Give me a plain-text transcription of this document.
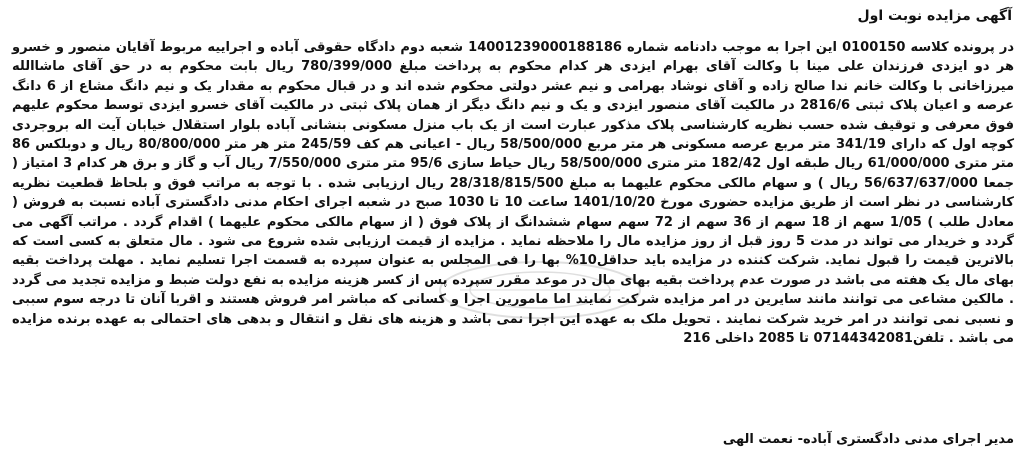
آگهی مزایده نوبت اول

در پرونده کلاسه 0100150 این اجرا به موجب دادنامه شماره 14001239000188186 شعبه دوم دادگاه حقوقی آباده و اجراییه مربوط آقایان منصور و خسرو هر دو ایزدی فرزندان علی مینا با وکالت آقای بهرام ایزدی هر کدام محکوم به پرداخت مبلغ 780/399/000 ریال بابت محکوم به در حق آقای ماشاالله میرزاخانی با وکالت خانم ندا صالح زاده و آقای نوشاد بهرامی و نیم عشر دولتی محکوم شده اند و در قبال محکوم به مقدار یک و نیم دانگ مشاع از 6 دانگ عرصه و اعیان پلاک ثبتی 2816/6 در مالکیت آقای منصور ایزدی و یک و نیم دانگ دیگر از همان پلاک ثبتی در مالکیت آقای خسرو ایزدی توسط محکوم علیهم فوق معرفی و توقیف شده حسب نظریه کارشناسی پلاک مذکور عبارت است از یک باب منزل مسکونی بنشانی آباده بلوار استقلال خیابان آیت اله بروجردی کوچه اول که دارای 341/19 متر مربع عرصه مسکونی هر متر مربع 58/500/000 ریال - اعیانی هم کف 245/59 متر هر متر 80/800/000 ریال و دوبلکس 86 متر متری 61/000/000 ریال طبقه اول 182/42 متر متری 58/500/000 ریال حیاط سازی 95/6 متر متری 7/550/000 ریال آب و گاز و برق هر کدام 3 امتیاز ( جمعا 56/637/637/000 ریال ) و سهام مالکی محکوم علیهما به مبلغ 28/318/815/500 ریال ارزیابی شده . با توجه به مراتب فوق و بلحاظ قطعیت نظریه کارشناسی در نظر است از طریق مزایده حضوری مورخ 1401/10/20 ساعت 10 تا 1030 صبح در شعبه اجرای احکام مدنی دادگستری آباده نسبت به فروش ( معادل طلب ) 1/05 سهم از 18 سهم از 36 سهم از 72 سهم سهام ششدانگ از پلاک فوق ( از سهام مالکی محکوم علیهما ) اقدام گردد . مراتب آگهی می گردد و خریدار می تواند در مدت 5 روز قبل از روز مزایده مال را ملاحظه نماید . مزایده از قیمت ارزیابی شده شروع می شود . مال متعلق به کسی است که بالاترین قیمت را قبول نماید. شرکت کننده در مزایده باید حداقل10% بها را فی المجلس به عنوان سپرده به قسمت اجرا تسلیم نماید . مهلت پرداخت بقیه بهای مال یک هفته می باشد در صورت عدم پرداخت بقیه بهای مال در موعد مقرر سپرده پس از کسر هزینه مزایده به نفع دولت ضبط و مزایده تجدید می گردد . مالکین مشاعی می توانند مانند سایرین در امر مزایده شرکت نمایند اما مامورین اجرا و کسانی که مباشر امر فروش هستند و اقربا آنان تا درجه سوم سببی و نسبی نمی توانند در امر خرید شرکت نمایند . تحویل ملک به عهده این اجرا نمی باشد و هزینه های نقل و انتقال و بدهی های احتمالی به عهده برنده مزایده می باشد . تلفن07144342081 تا 2085 داخلی 216

مدیر اجرای مدنی دادگستری آباده- نعمت الهی
